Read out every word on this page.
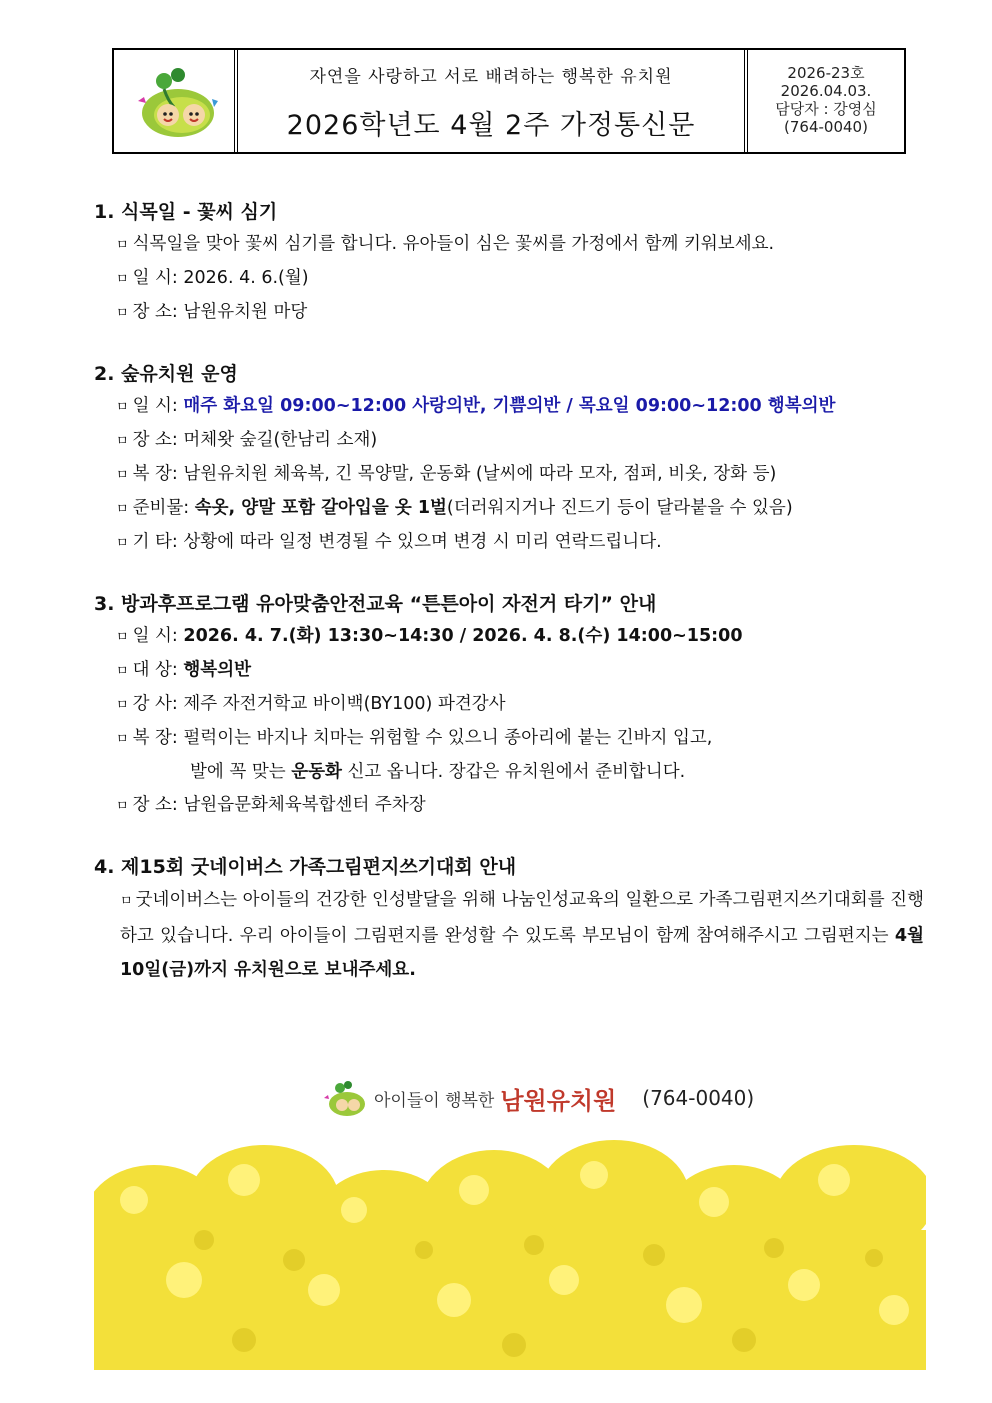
자연을 사랑하고 서로 배려하는 행복한 유치원
2026학년도 4월 2주 가정통신문
2026-23호
2026.04.03.
담당자 : 강영심
(764-0040)
1. 식목일 - 꽃씨 심기
ㅁ 식목일을 맞아 꽃씨 심기를 합니다. 유아들이 심은 꽃씨를 가정에서 함께 키워보세요.
ㅁ 일 시: 2026. 4. 6.(월)
ㅁ 장 소: 남원유치원 마당
2. 숲유치원 운영
ㅁ 일 시: 매주 화요일 09:00~12:00 사랑의반, 기쁨의반 / 목요일 09:00~12:00 행복의반
ㅁ 장 소: 머체왓 숲길(한남리 소재)
ㅁ 복 장: 남원유치원 체육복, 긴 목양말, 운동화 (날씨에 따라 모자, 점퍼, 비옷, 장화 등)
ㅁ 준비물: 속옷, 양말 포함 갈아입을 옷 1벌(더러워지거나 진드기 등이 달라붙을 수 있음)
ㅁ 기 타: 상황에 따라 일정 변경될 수 있으며 변경 시 미리 연락드립니다.
3. 방과후프로그램 유아맞춤안전교육 “튼튼아이 자전거 타기” 안내
ㅁ 일 시: 2026. 4. 7.(화) 13:30~14:30 / 2026. 4. 8.(수) 14:00~15:00
ㅁ 대 상: 행복의반
ㅁ 강 사: 제주 자전거학교 바이백(BY100) 파견강사
ㅁ 복 장: 펄럭이는 바지나 치마는 위험할 수 있으니 종아리에 붙는 긴바지 입고,
발에 꼭 맞는 운동화 신고 옵니다. 장갑은 유치원에서 준비합니다.
ㅁ 장 소: 남원읍문화체육복합센터 주차장
4. 제15회 굿네이버스 가족그림편지쓰기대회 안내
ㅁ 굿네이버스는 아이들의 건강한 인성발달을 위해 나눔인성교육의 일환으로 가족그림편지쓰기대회를 진행하고 있습니다. 우리 아이들이 그림편지를 완성할 수 있도록 부모님이 함께 참여해주시고 그림편지는 4월 10일(금)까지 유치원으로 보내주세요.
아이들이 행복한 남원유치원 (764-0040)
